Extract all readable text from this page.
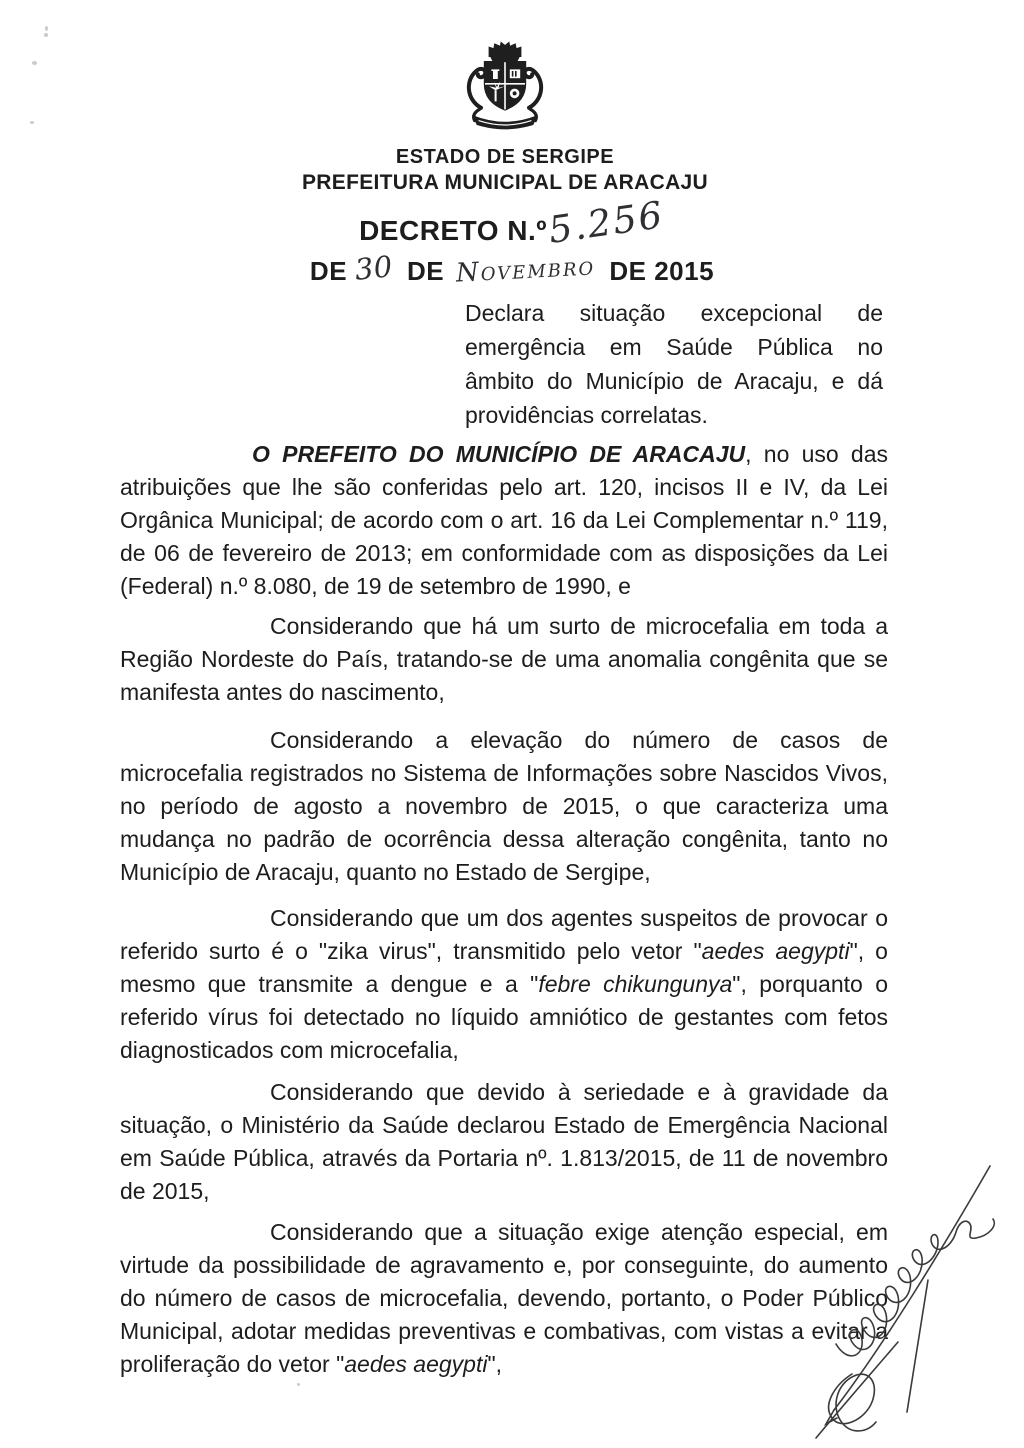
ESTADO DE SERGIPE
PREFEITURA MUNICIPAL DE ARACAJU
DECRETO N.º5.256
DE 30 DE Novembro DE 2015
Declara situação excepcional de emergência em Saúde Pública no âmbito do Município de Aracaju, e dá providências correlatas.

O PREFEITO DO MUNICÍPIO DE ARACAJU, no uso das atribuições que lhe são conferidas pelo art. 120, incisos II e IV, da Lei Orgânica Municipal; de acordo com o art. 16 da Lei Complementar n.º 119, de 06 de fevereiro de 2013; em conformidade com as disposições da Lei (Federal) n.º 8.080, de 19 de setembro de 1990, e

Considerando que há um surto de microcefalia em toda a Região Nordeste do País, tratando-se de uma anomalia congênita que se manifesta antes do nascimento,

Considerando a elevação do número de casos de microcefalia registrados no Sistema de Informações sobre Nascidos Vivos, no período de agosto a novembro de 2015, o que caracteriza uma mudança no padrão de ocorrência dessa alteração congênita, tanto no Município de Aracaju, quanto no Estado de Sergipe,

Considerando que um dos agentes suspeitos de provocar o referido surto é o "zika virus", transmitido pelo vetor "aedes aegypti", o mesmo que transmite a dengue e a "febre chikungunya", porquanto o referido vírus foi detectado no líquido amniótico de gestantes com fetos diagnosticados com microcefalia,

Considerando que devido à seriedade e à gravidade da situação, o Ministério da Saúde declarou Estado de Emergência Nacional em Saúde Pública, através da Portaria nº. 1.813/2015, de 11 de novembro de 2015,

Considerando que a situação exige atenção especial, em virtude da possibilidade de agravamento e, por conseguinte, do aumento do número de casos de microcefalia, devendo, portanto, o Poder Público Municipal, adotar medidas preventivas e combativas, com vistas a evitar a proliferação do vetor "aedes aegypti",
